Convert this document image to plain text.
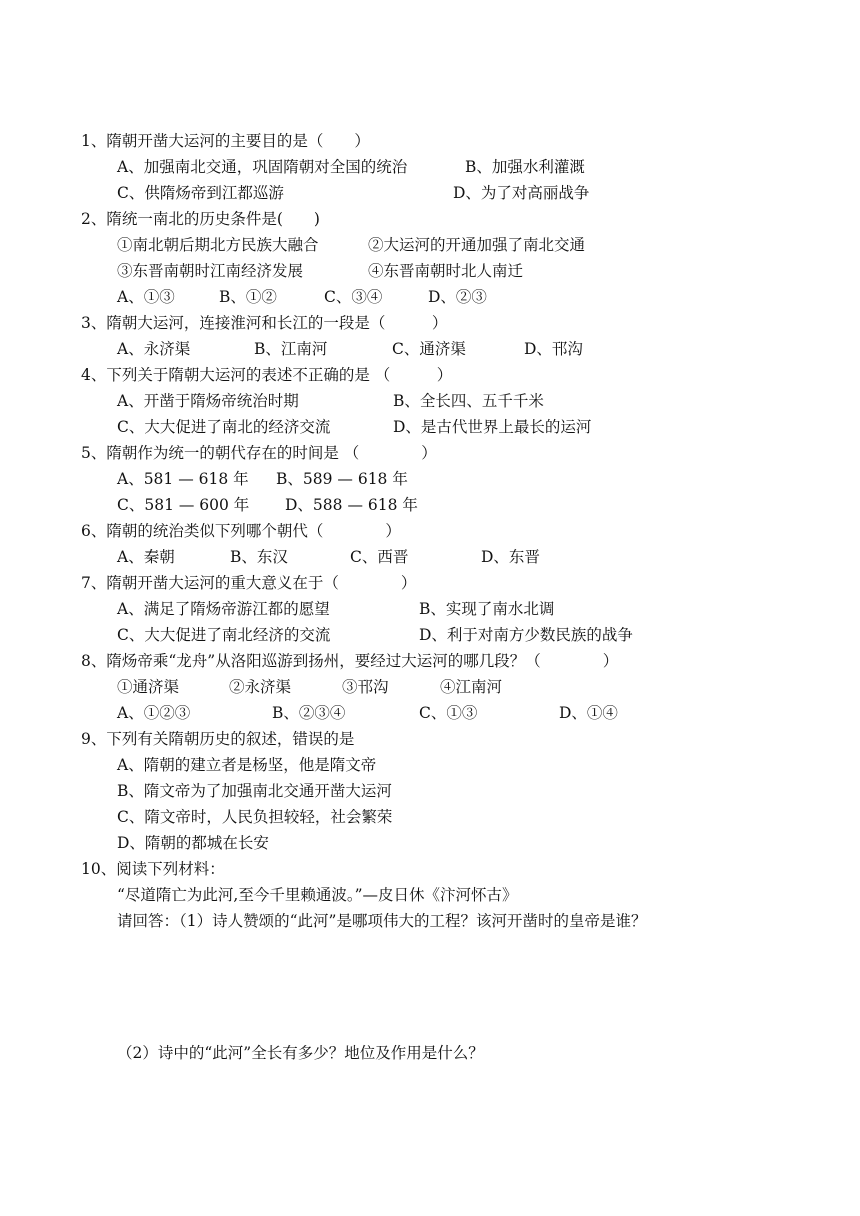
1、隋朝开凿大运河的主要目的是（　　）
A、加强南北交通，巩固隋朝对全国的统治	B、加强水利灌溉
C、供隋炀帝到江都巡游	D、为了对高丽战争
2、隋统一南北的历史条件是(　　)
①南北朝后期北方民族大融合	②大运河的开通加强了南北交通
③东晋南朝时江南经济发展	④东晋南朝时北人南迁
A、①③	B、①②	C、③④	D、②③
3、隋朝大运河，连接淮河和长江的一段是（　　　）
A、永济渠	B、江南河	C、通济渠	D、邗沟
4、下列关于隋朝大运河的表述不正确的是 （　　　）
A、开凿于隋炀帝统治时期	B、全长四、五千千米
C、大大促进了南北的经济交流	D、是古代世界上最长的运河
5、隋朝作为统一的朝代存在的时间是 （　　　　）
A、581 — 618 年 B、589 — 618 年
C、581 — 600 年 D、588 — 618 年
6、隋朝的统治类似下列哪个朝代（　　　　）
A、秦朝	B、东汉	C、西晋	D、东晋
7、隋朝开凿大运河的重大意义在于（　　　　）
A、满足了隋炀帝游江都的愿望	B、实现了南水北调
C、大大促进了南北经济的交流	D、利于对南方少数民族的战争
8、隋炀帝乘“龙舟”从洛阳巡游到扬州，要经过大运河的哪几段？（　　　　）
①通济渠	②永济渠	③邗沟	④江南河
A、①②③	B、②③④	C、①③	D、①④
9、下列有关隋朝历史的叙述，错误的是
A、隋朝的建立者是杨坚，他是隋文帝
B、隋文帝为了加强南北交通开凿大运河
C、隋文帝时，人民负担较轻，社会繁荣
D、隋朝的都城在长安
10、阅读下列材料：
“尽道隋亡为此河,至今千里赖通波。”—皮日休《汴河怀古》
请回答：（1）诗人赞颂的“此河”是哪项伟大的工程？该河开凿时的皇帝是谁？
（2）诗中的“此河”全长有多少？地位及作用是什么？
